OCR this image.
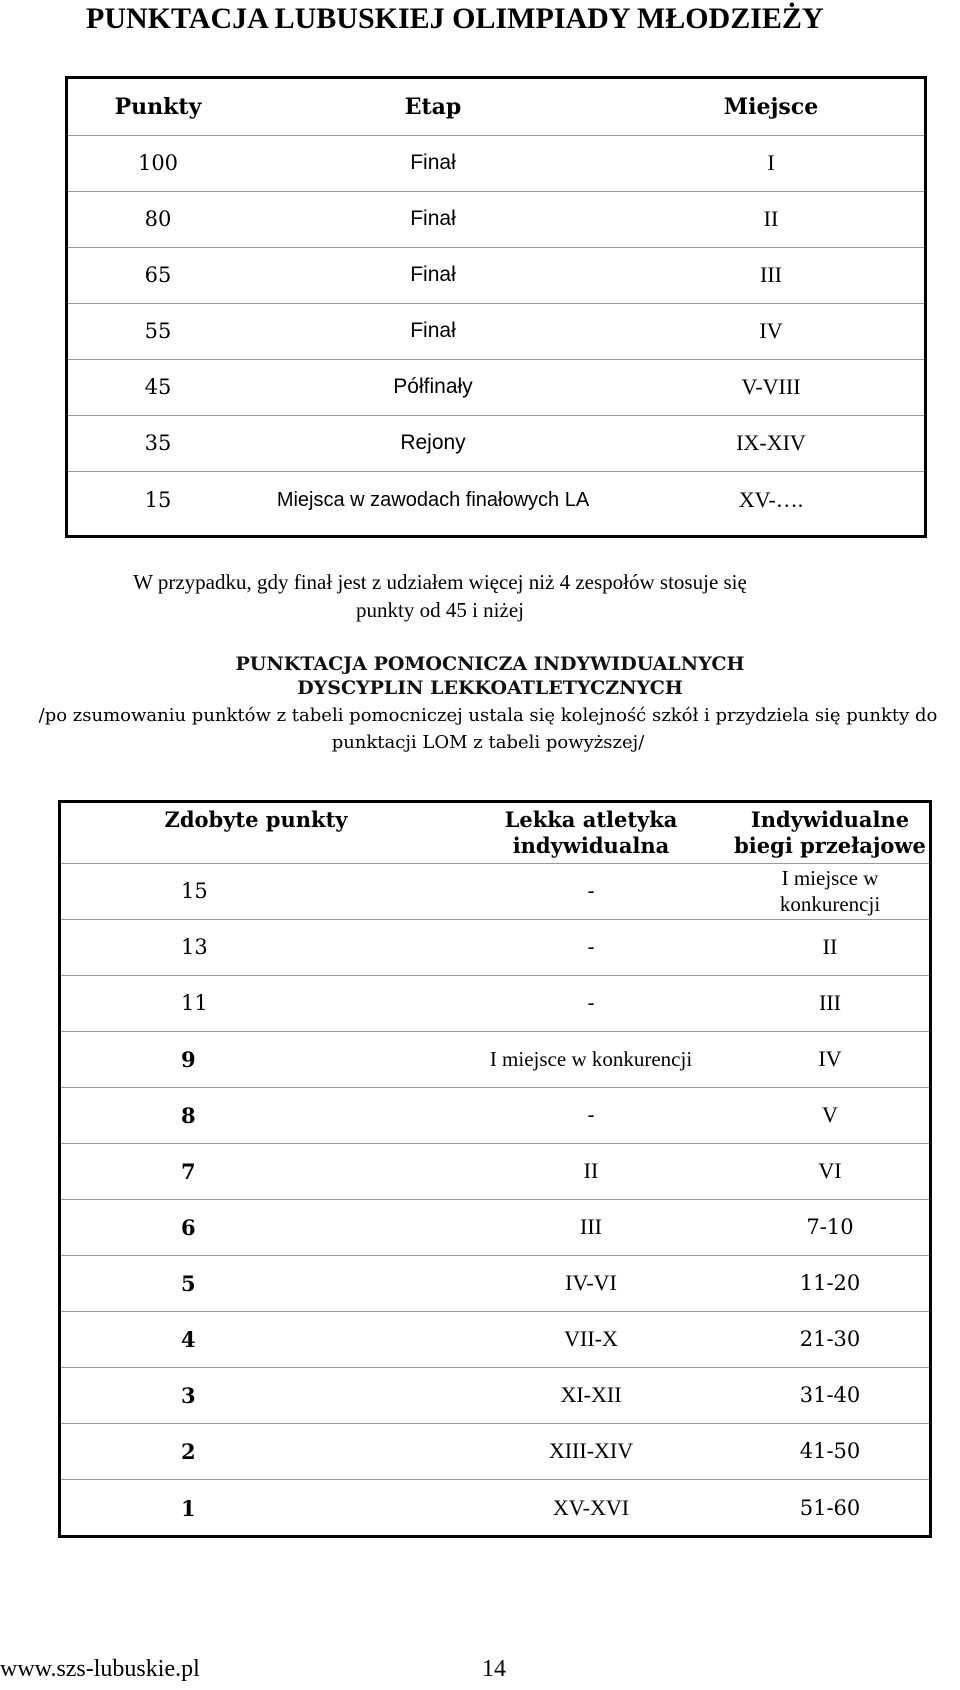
PUNKTACJA LUBUSKIEJ OLIMPIADY MŁODZIEŻY
Punkty	Etap	Miejsce
100	Finał	I
80	Finał	II
65	Finał	III
55	Finał	IV
45	Półfinały	V-VIII
35	Rejony	IX-XIV
15	Miejsca w zawodach finałowych LA	XV-….
W przypadku, gdy finał jest z udziałem więcej niż 4 zespołów stosuje się punkty od 45 i niżej
PUNKTACJA POMOCNICZA INDYWIDUALNYCH
DYSCYPLIN LEKKOATLETYCZNYCH
/po zsumowaniu punktów z tabeli pomocniczej ustala się kolejność szkół i przydziela się punkty do punktacji LOM z tabeli powyższej/
Zdobyte punkty	Lekka atletyka indywidualna	Indywidualne biegi przełajowe
15	-	I miejsce w konkurencji
13	-	II
11	-	III
9	I miejsce w konkurencji	IV
8	-	V
7	II	VI
6	III	7-10
5	IV-VI	11-20
4	VII-X	21-30
3	XI-XII	31-40
2	XIII-XIV	41-50
1	XV-XVI	51-60
www.szs-lubuskie.pl	14
